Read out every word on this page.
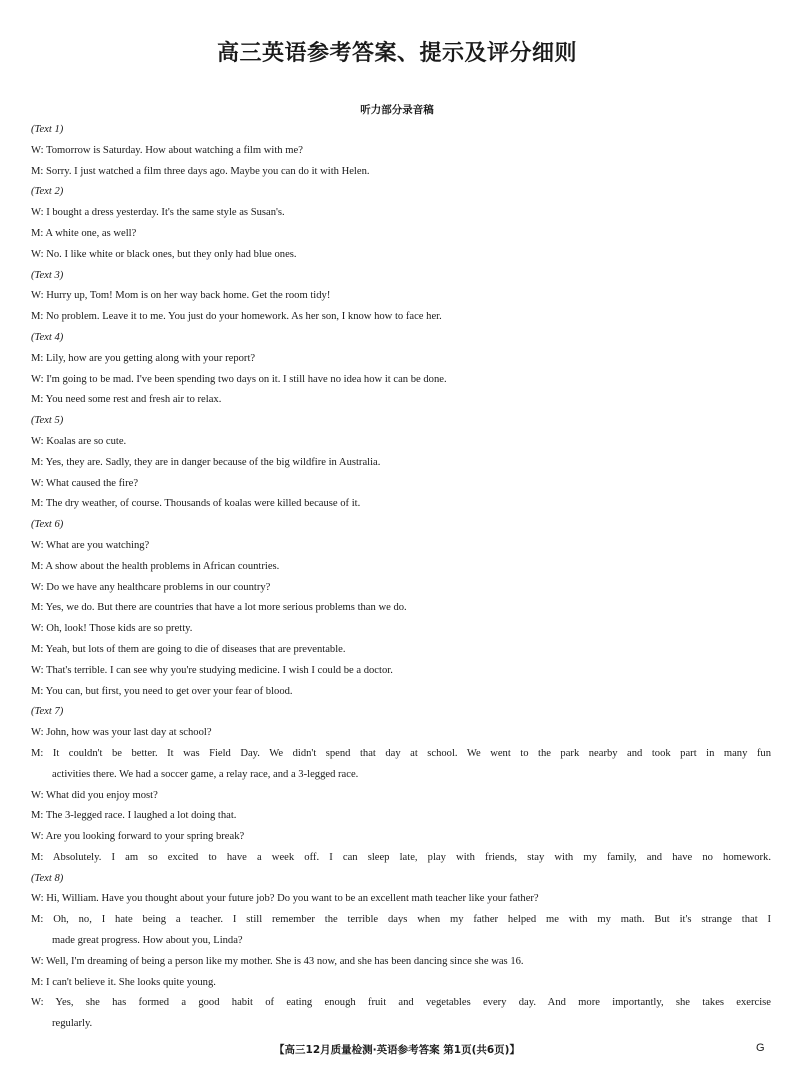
高三英语参考答案、提示及评分细则
听力部分录音稿
(Text 1)
W: Tomorrow is Saturday. How about watching a film with me?
M: Sorry. I just watched a film three days ago. Maybe you can do it with Helen.
(Text 2)
W: I bought a dress yesterday. It's the same style as Susan's.
M: A white one, as well?
W: No. I like white or black ones, but they only had blue ones.
(Text 3)
W: Hurry up, Tom! Mom is on her way back home. Get the room tidy!
M: No problem. Leave it to me. You just do your homework. As her son, I know how to face her.
(Text 4)
M: Lily, how are you getting along with your report?
W: I'm going to be mad. I've been spending two days on it. I still have no idea how it can be done.
M: You need some rest and fresh air to relax.
(Text 5)
W: Koalas are so cute.
M: Yes, they are. Sadly, they are in danger because of the big wildfire in Australia.
W: What caused the fire?
M: The dry weather, of course. Thousands of koalas were killed because of it.
(Text 6)
W: What are you watching?
M: A show about the health problems in African countries.
W: Do we have any healthcare problems in our country?
M: Yes, we do. But there are countries that have a lot more serious problems than we do.
W: Oh, look! Those kids are so pretty.
M: Yeah, but lots of them are going to die of diseases that are preventable.
W: That's terrible. I can see why you're studying medicine. I wish I could be a doctor.
M: You can, but first, you need to get over your fear of blood.
(Text 7)
W: John, how was your last day at school?
M: It couldn't be better. It was Field Day. We didn't spend that day at school. We went to the park nearby and took part in many fun
activities there. We had a soccer game, a relay race, and a 3-legged race.
W: What did you enjoy most?
M: The 3-legged race. I laughed a lot doing that.
W: Are you looking forward to your spring break?
M: Absolutely. I am so excited to have a week off. I can sleep late, play with friends, stay with my family, and have no homework.
(Text 8)
W: Hi, William. Have you thought about your future job? Do you want to be an excellent math teacher like your father?
M: Oh, no, I hate being a teacher. I still remember the terrible days when my father helped me with my math. But it's strange that I
made great progress. How about you, Linda?
W: Well, I'm dreaming of being a person like my mother. She is 43 now, and she has been dancing since she was 16.
M: I can't believe it. She looks quite young.
W: Yes, she has formed a good habit of eating enough fruit and vegetables every day. And more importantly, she takes exercise
regularly.
【高三12月质量检测·英语参考答案 第1页(共6页)】	G
